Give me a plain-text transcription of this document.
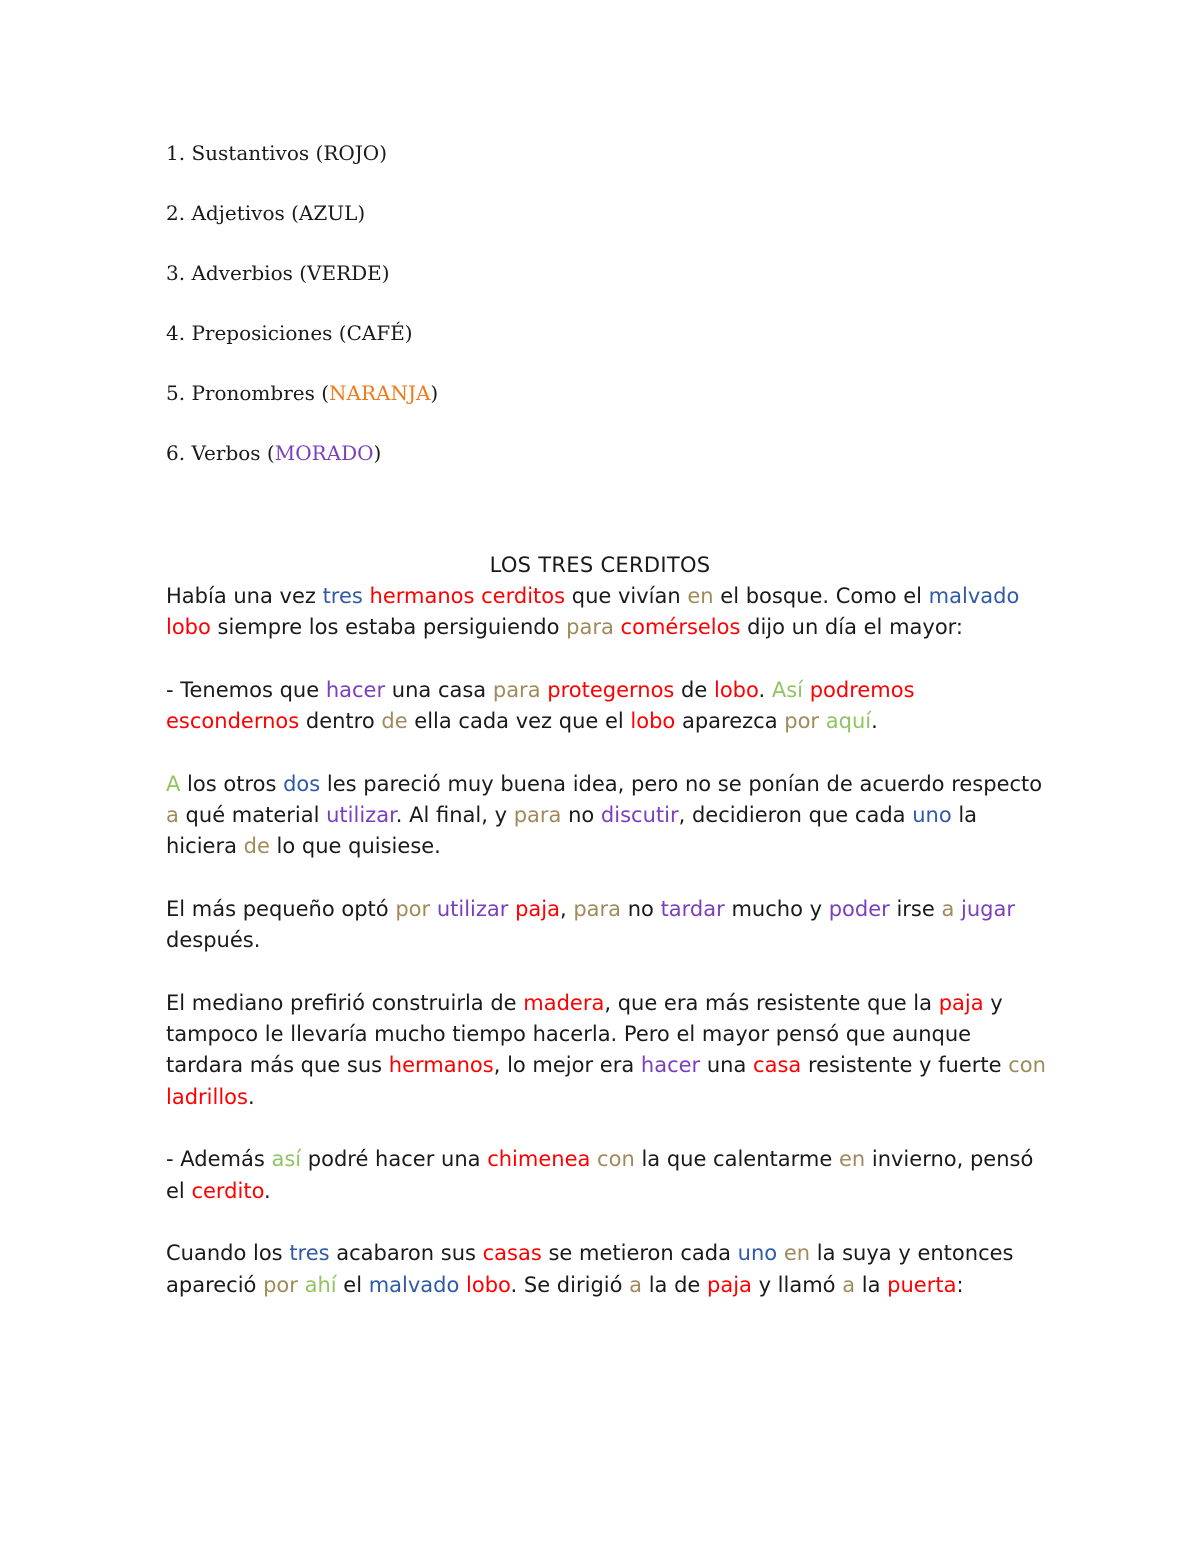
1. Sustantivos (ROJO)
2. Adjetivos (AZUL)
3. Adverbios (VERDE)
4. Preposiciones (CAFÉ)
5. Pronombres (NARANJA)
6. Verbos (MORADO)
LOS TRES CERDITOS

Había una vez tres hermanos cerditos que vivían en el bosque. Como el malvado lobo siempre los estaba persiguiendo para comérselos dijo un día el mayor:

- Tenemos que hacer una casa para protegernos de lobo. Así podremos escondernos dentro de ella cada vez que el lobo aparezca por aquí.

A los otros dos les pareció muy buena idea, pero no se ponían de acuerdo respecto a qué material utilizar. Al final, y para no discutir, decidieron que cada uno la hiciera de lo que quisiese.

El más pequeño optó por utilizar paja, para no tardar mucho y poder irse a jugar después.

El mediano prefirió construirla de madera, que era más resistente que la paja y tampoco le llevaría mucho tiempo hacerla. Pero el mayor pensó que aunque tardara más que sus hermanos, lo mejor era hacer una casa resistente y fuerte con ladrillos.

- Además así podré hacer una chimenea con la que calentarme en invierno, pensó el cerdito.

Cuando los tres acabaron sus casas se metieron cada uno en la suya y entonces apareció por ahí el malvado lobo. Se dirigió a la de paja y llamó a la puerta:
